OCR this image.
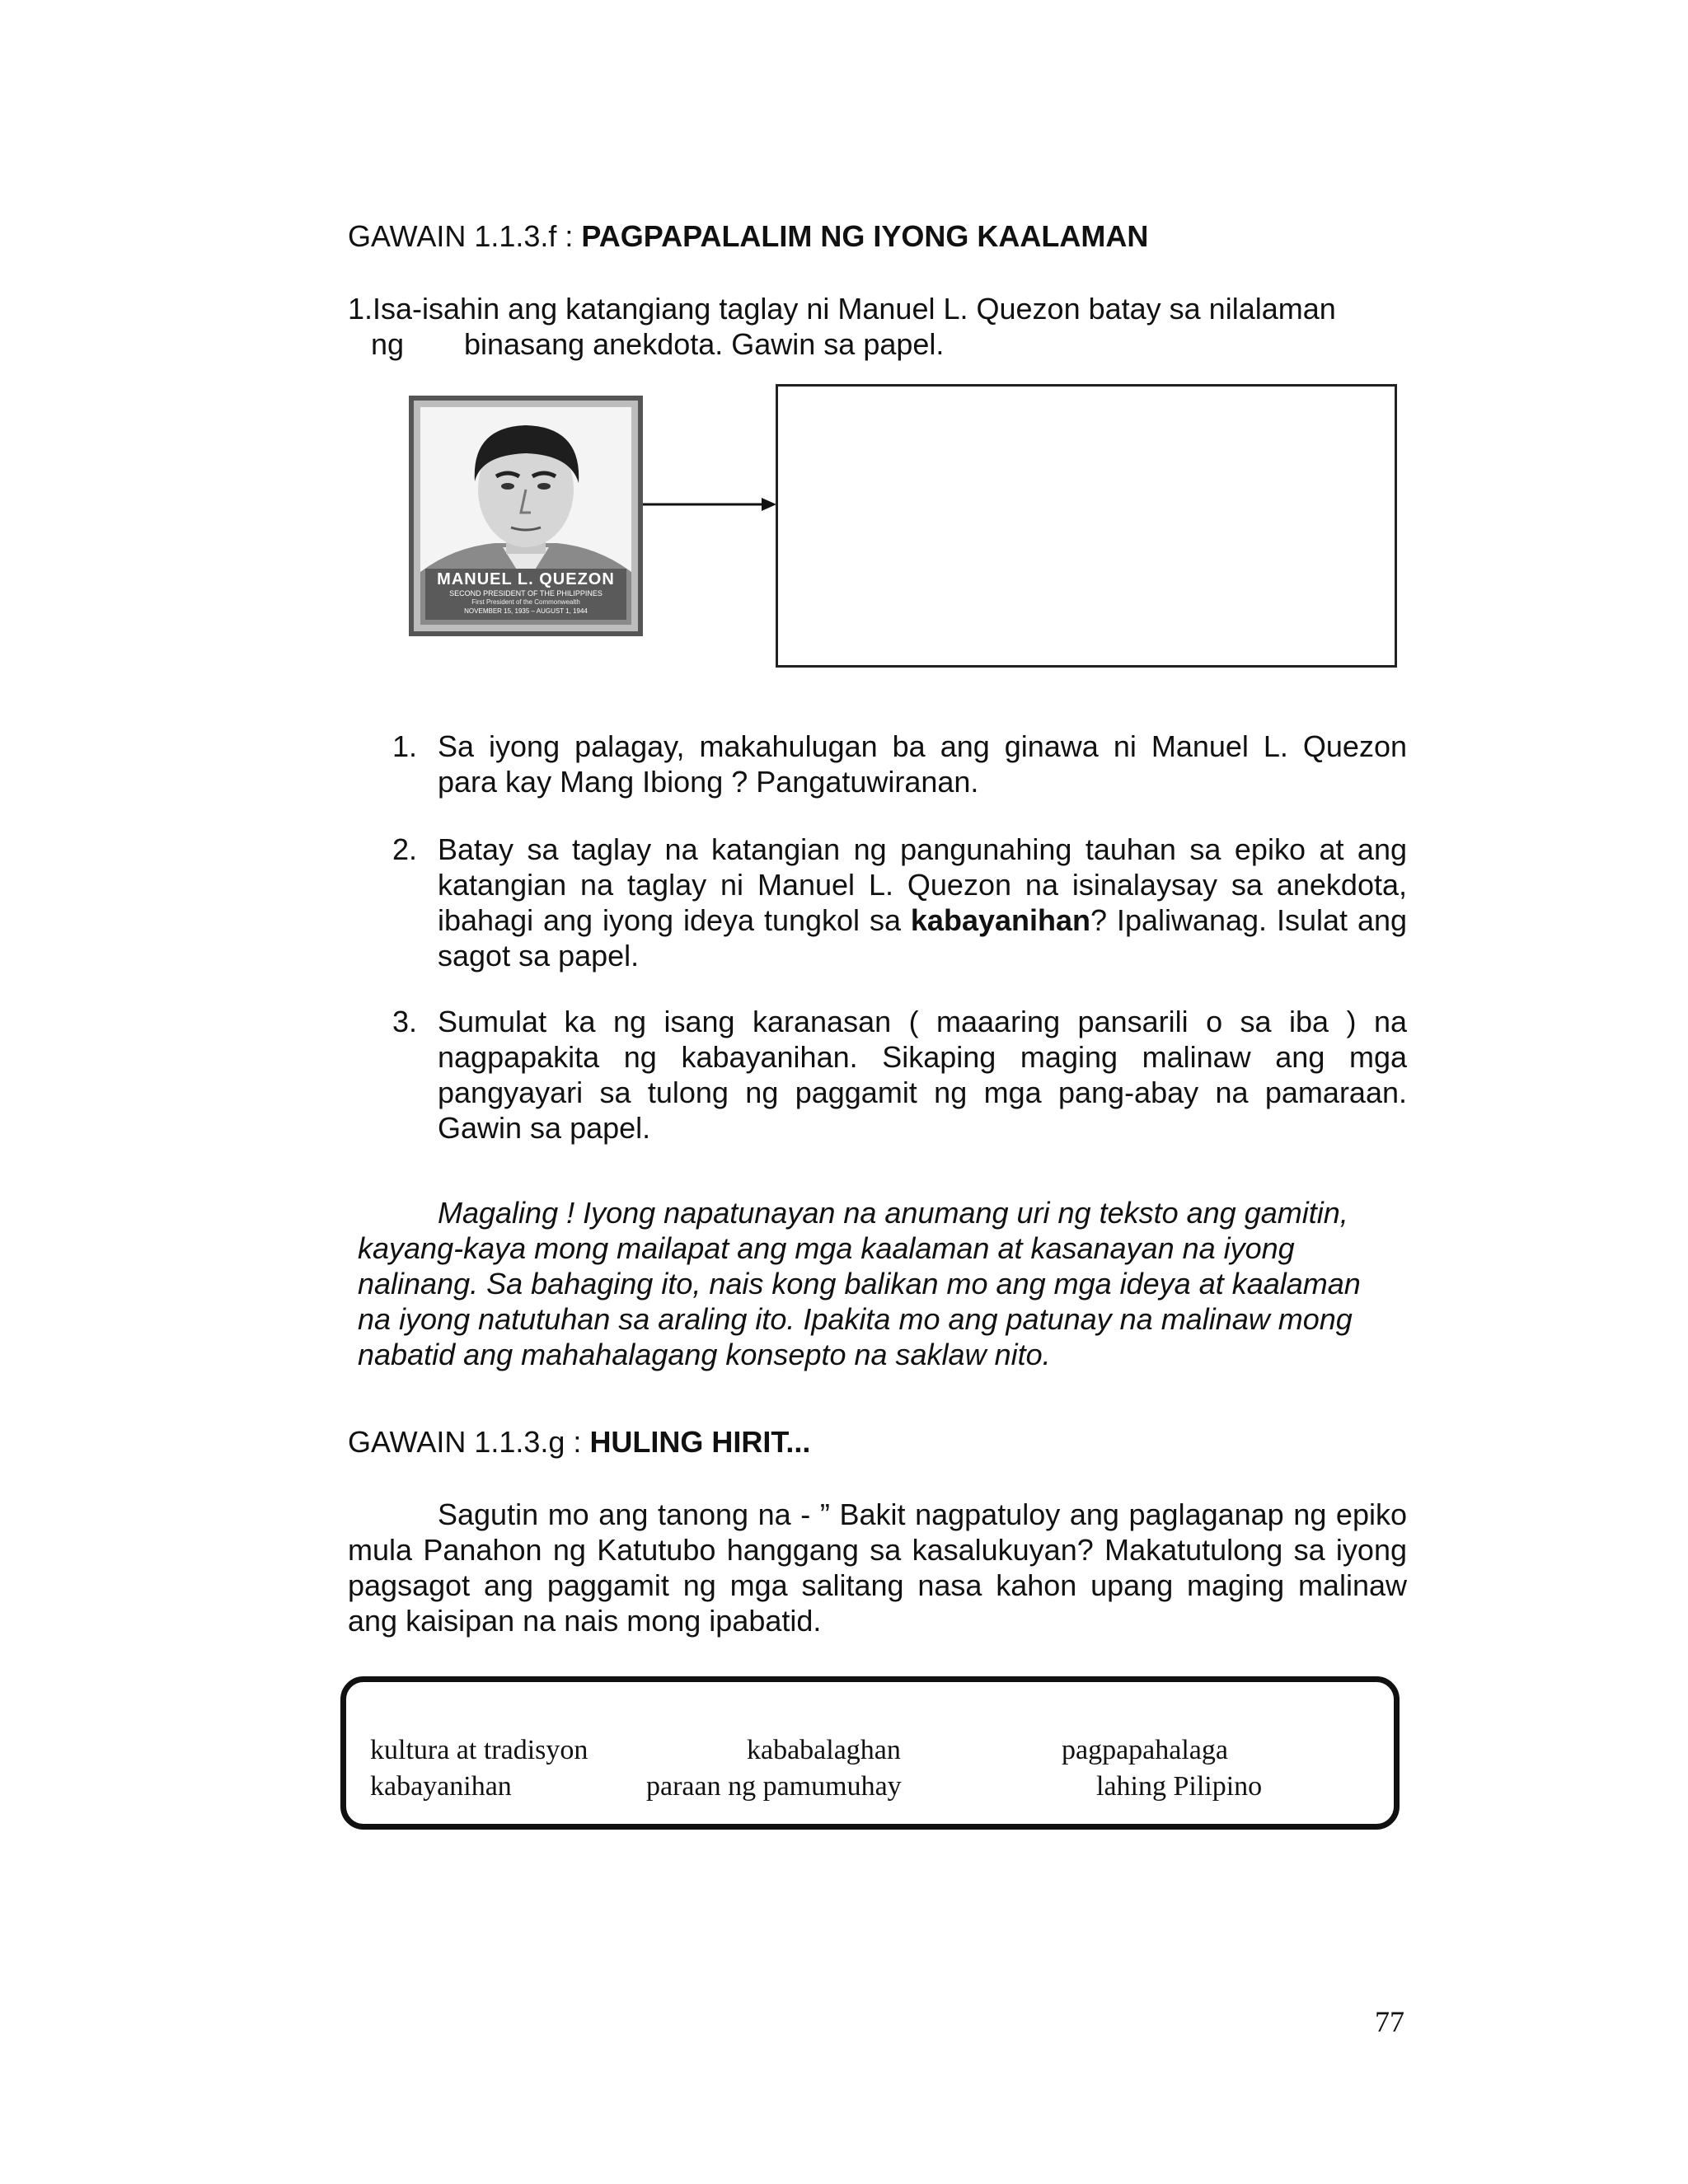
GAWAIN 1.1.3.f : PAGPAPALALIM NG IYONG KAALAMAN
1.Isa-isahin ang katangiang taglay ni Manuel L. Quezon batay sa nilalaman
ng binasang anekdota. Gawin sa papel.
MANUEL L. QUEZON
SECOND PRESIDENT OF THE PHILIPPINES
First President of the Commonwealth
NOVEMBER 15, 1935 – AUGUST 1, 1944
1. Sa iyong palagay, makahulugan ba ang ginawa ni Manuel L. Quezon para kay Mang Ibiong ? Pangatuwiranan.
2. Batay sa taglay na katangian ng pangunahing tauhan sa epiko at ang katangian na taglay ni Manuel L. Quezon na isinalaysay sa anekdota, ibahagi ang iyong ideya tungkol sa kabayanihan? Ipaliwanag. Isulat ang sagot sa papel.
3. Sumulat ka ng isang karanasan ( maaaring pansarili o sa iba ) na nagpapakita ng kabayanihan. Sikaping maging malinaw ang mga pangyayari sa tulong ng paggamit ng mga pang-abay na pamaraan. Gawin sa papel.
Magaling ! Iyong napatunayan na anumang uri ng teksto ang gamitin,
kayang-kaya mong mailapat ang mga kaalaman at kasanayan na iyong
nalinang. Sa bahaging ito, nais kong balikan mo ang mga ideya at kaalaman
na iyong natutuhan sa araling ito. Ipakita mo ang patunay na malinaw mong
nabatid ang mahahalagang konsepto na saklaw nito.
GAWAIN 1.1.3.g : HULING HIRIT...
Sagutin mo ang tanong na - ” Bakit nagpatuloy ang paglaganap ng epiko mula Panahon ng Katutubo hanggang sa kasalukuyan? Makatutulong sa iyong pagsagot ang paggamit ng mga salitang nasa kahon upang maging malinaw ang kaisipan na nais mong ipabatid.
kultura at tradisyon	kababalaghan	pagpapahalaga
kabayanihan	paraan ng pamumuhay	lahing Pilipino
77
